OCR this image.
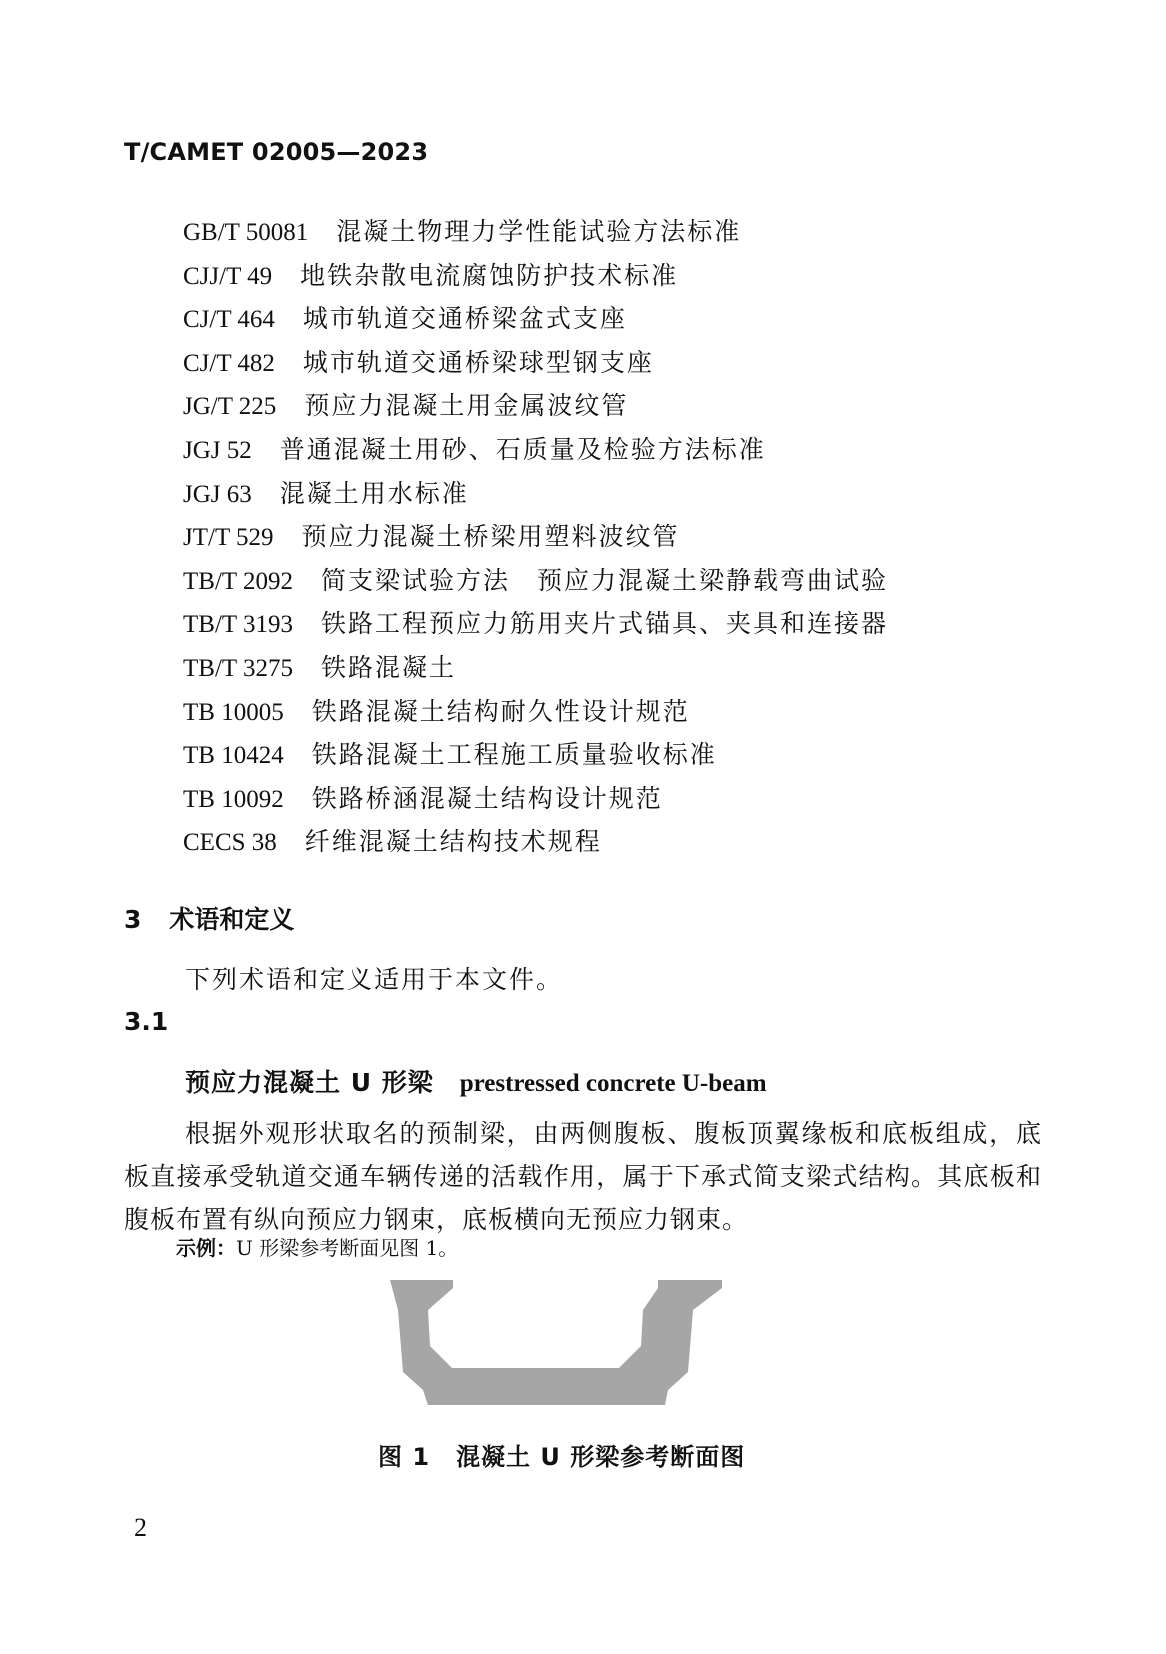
T/CAMET 02005—2023
GB/T 50081 混凝土物理力学性能试验方法标准
CJJ/T 49 地铁杂散电流腐蚀防护技术标准
CJ/T 464 城市轨道交通桥梁盆式支座
CJ/T 482 城市轨道交通桥梁球型钢支座
JG/T 225 预应力混凝土用金属波纹管
JGJ 52 普通混凝土用砂、石质量及检验方法标准
JGJ 63 混凝土用水标准
JT/T 529 预应力混凝土桥梁用塑料波纹管
TB/T 2092 简支梁试验方法　预应力混凝土梁静载弯曲试验
TB/T 3193 铁路工程预应力筋用夹片式锚具、夹具和连接器
TB/T 3275 铁路混凝土
TB 10005 铁路混凝土结构耐久性设计规范
TB 10424 铁路混凝土工程施工质量验收标准
TB 10092 铁路桥涵混凝土结构设计规范
CECS 38 纤维混凝土结构技术规程
3 术语和定义
下列术语和定义适用于本文件。
3.1
预应力混凝土 U 形梁 prestressed concrete U-beam

根据外观形状取名的预制梁，由两侧腹板、腹板顶翼缘板和底板组成，底板直接承受轨道交通车辆传递的活载作用，属于下承式简支梁式结构。其底板和腹板布置有纵向预应力钢束，底板横向无预应力钢束。

示例：U 形梁参考断面见图 1。
图 1 混凝土 U 形梁参考断面图
2
